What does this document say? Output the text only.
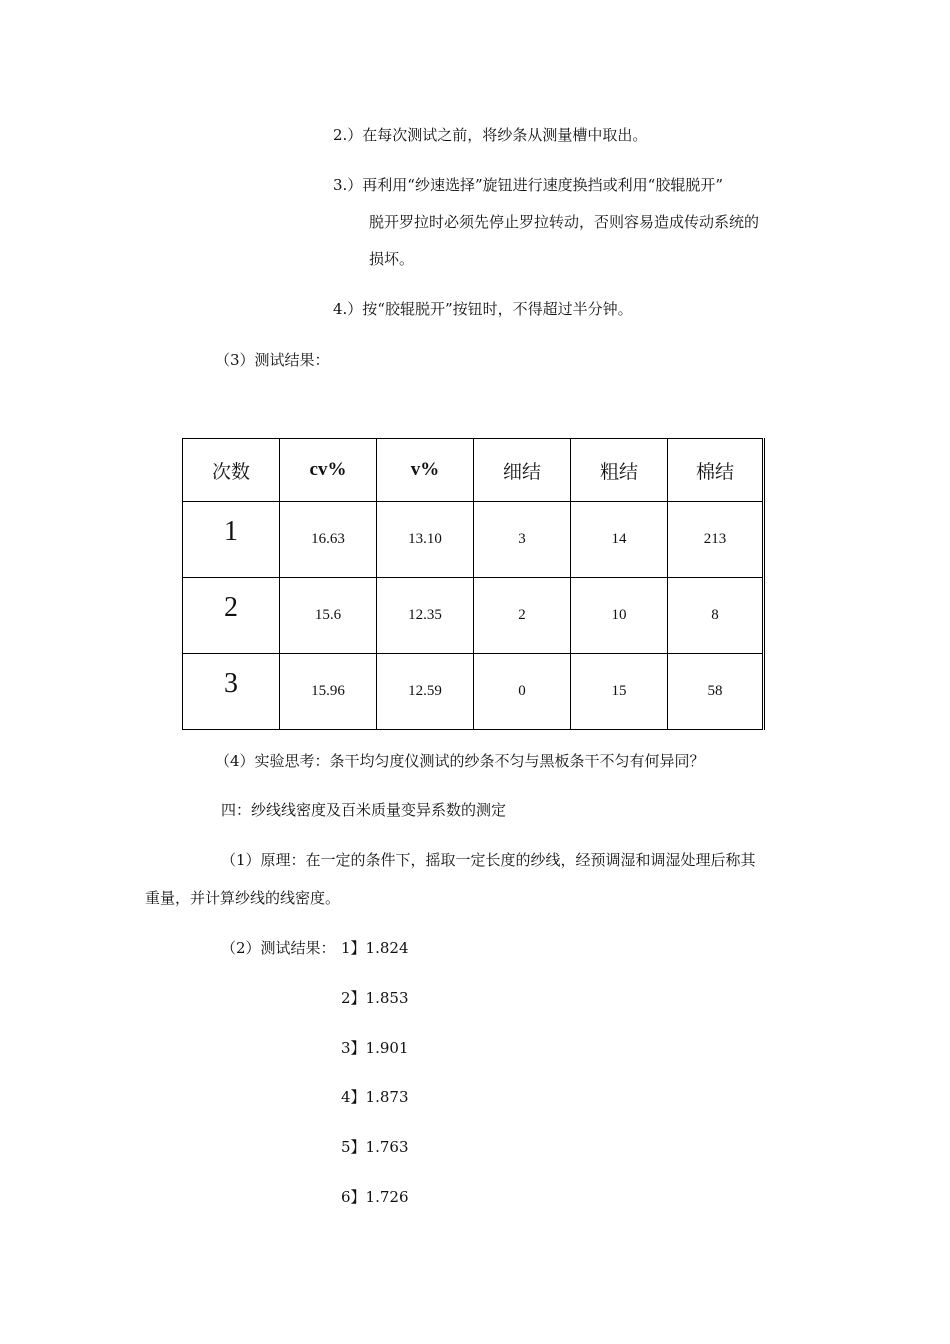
2.）在每次测试之前，将纱条从测量槽中取出。
3.）再利用“纱速选择”旋钮进行速度换挡或利用“胶辊脱开”
脱开罗拉时必须先停止罗拉转动，否则容易造成传动系统的
损坏。
4.）按“胶辊脱开”按钮时，不得超过半分钟。
（3）测试结果：
次数	cv%	v%	细结	粗结	棉结
1	16.63	13.10	3	14	213
2	15.6	12.35	2	10	8
3	15.96	12.59	0	15	58
（4）实验思考：条干均匀度仪测试的纱条不匀与黑板条干不匀有何异同？
四：纱线线密度及百米质量变异系数的测定
（1）原理：在一定的条件下，摇取一定长度的纱线，经预调湿和调湿处理后称其
重量，并计算纱线的线密度。
（2）测试结果： 1】1.824
2】1.853
3】1.901
4】1.873
5】1.763
6】1.726
